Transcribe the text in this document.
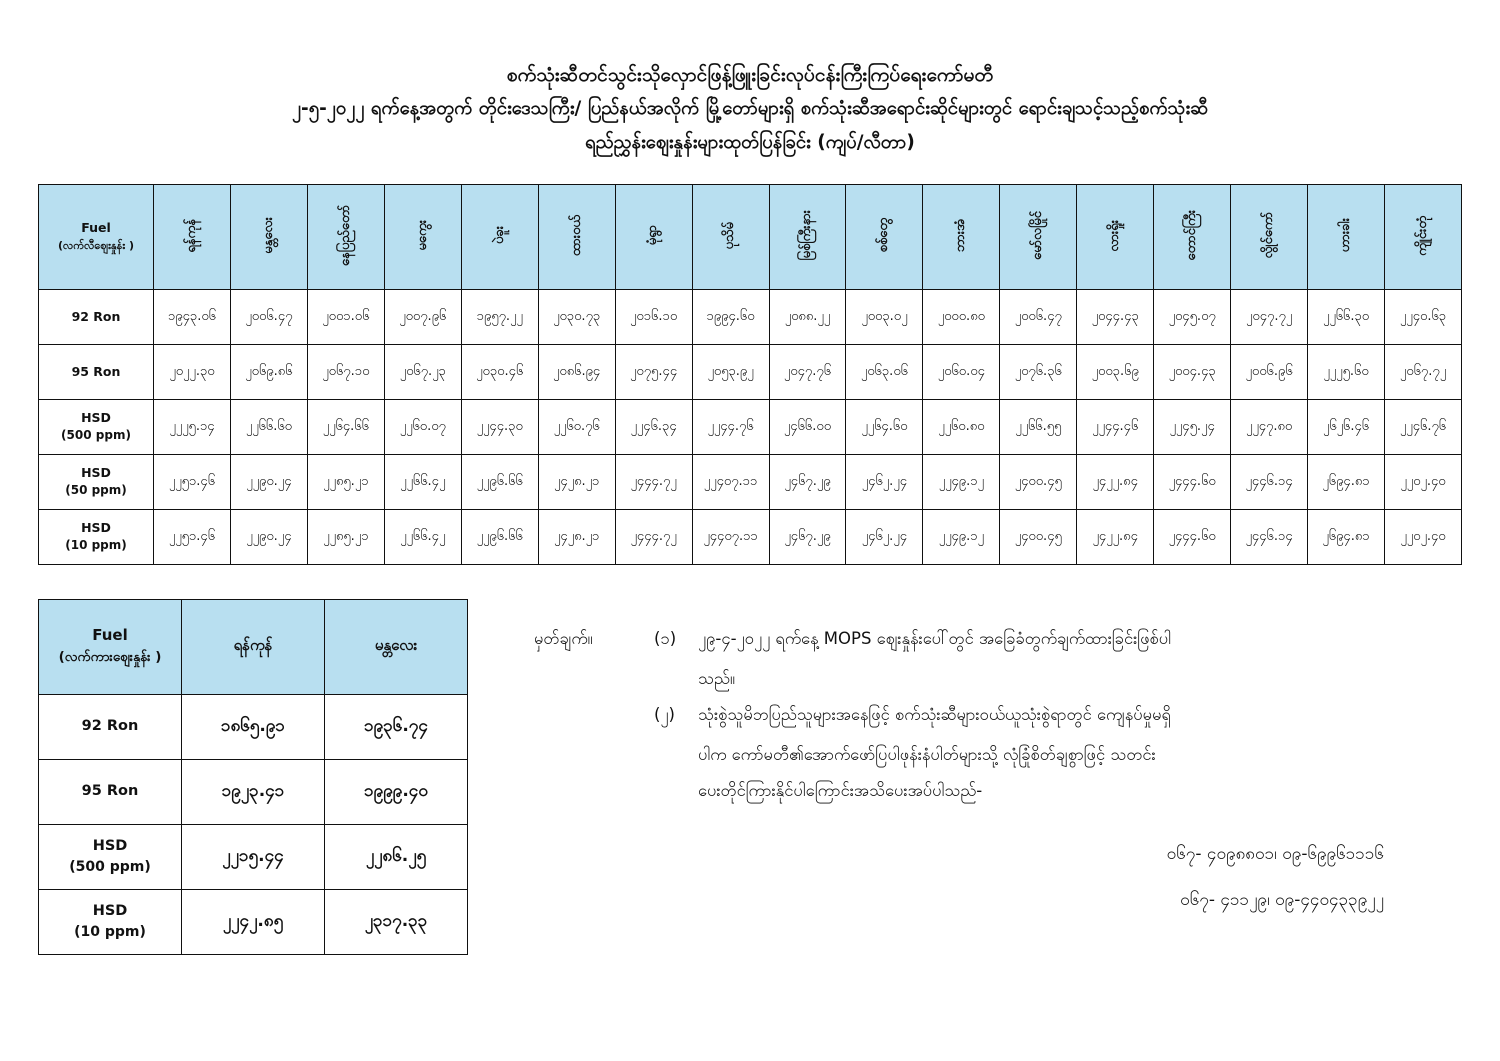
စက်သုံးဆီတင်သွင်းသိုလှောင်ဖြန့်ဖြူးခြင်းလုပ်ငန်းကြီးကြပ်ရေးကော်မတီ
၂-၅-၂၀၂၂ ရက်နေ့အတွက် တိုင်းဒေသကြီး/ ပြည်နယ်အလိုက် မြို့တော်များရှိ စက်သုံးဆီအရောင်းဆိုင်များတွင် ရောင်းချသင့်သည့်စက်သုံးဆီ
ရည်ညွှန်းဈေးနှုန်းများထုတ်ပြန်ခြင်း (ကျပ်/လီတာ)
Fuel
(လက်လီဈေးနှုန်း )	ရန်ကုန်	မန္တလေး	နေပြည်တော်	မကွေး	ပဲခူး	ထားဝယ်	မုံရွာ	ပုသိမ်	မြစ်ကြီးနား	စစ်တွေ	ဘားအံ	မော်လမြိုင်	လားရှိုး	တောင်ကြီး	လွိုင်ကော်	ဟားခါး	ကျိုင်းတုံ
92 Ron	၁၉၄၃.၀၆	၂၀၀၆.၄၇	၂၀၀၁.၀၆	၂၀၀၇.၉၆	၁၉၅၇.၂၂	၂၀၃၀.၇၃	၂၀၁၆.၁၀	၁၉၉၄.၆၀	၂၀၈၈.၂၂	၂၀၀၃.၀၂	၂၀၀၀.၈၀	၂၀၀၆.၄၇	၂၀၄၄.၄၃	၂၀၄၅.၀၇	၂၀၄၇.၇၂	၂၂၆၆.၃၀	၂၂၄၀.၆၃
95 Ron	၂၀၂၂.၃၀	၂၀၆၉.၈၆	၂၀၆၇.၁၀	၂၀၆၇.၂၃	၂၀၃၀.၄၆	၂၀၈၆.၉၄	၂၀၇၅.၄၄	၂၀၅၃.၉၂	၂၀၄၇.၇၆	၂၀၆၃.၀၆	၂၀၆၀.၀၄	၂၀၇၆.၃၆	၂၀၀၃.၆၉	၂၀၀၄.၄၃	၂၀၀၆.၉၆	၂၂၂၅.၆၀	၂၀၆၇.၇၂

HSD
(500 ppm)	၂၂၂၅.၁၄	၂၂၆၆.၆၀	၂၂၆၄.၆၆	၂၂၆၀.၀၇	၂၂၄၄.၃၀	၂၂၆၀.၇၆	၂၂၄၆.၃၄	၂၂၄၄.၇၆	၂၄၆၆.၀၀	၂၂၆၄.၆၀	၂၂၆၀.၈၀	၂၂၆၆.၅၅	၂၂၄၄.၄၆	၂၂၄၅.၂၄	၂၂၄၇.၈၀	၂၆၂၆.၄၆	၂၂၄၆.၇၆

HSD
(50 ppm)	၂၂၅၁.၄၆	၂၂၉၀.၂၄	၂၂၈၅.၂၁	၂၂၆၆.၄၂	၂၂၉၆.၆၆	၂၄၂၈.၂၁	၂၄၄၄.၇၂	၂၂၄၀၇.၁၁	၂၄၆၇.၂၉	၂၄၆၂.၂၄	၂၂၄၉.၁၂	၂၄၀၀.၄၅	၂၄၂၂.၈၄	၂၄၄၄.၆၀	၂၄၄၆.၁၄	၂၆၉၄.၈၁	၂၂၀၂.၄၀

HSD
(10 ppm)	၂၂၅၁.၄၆	၂၂၉၀.၂၄	၂၂၈၅.၂၁	၂၂၆၆.၄၂	၂၂၉၆.၆၆	၂၄၂၈.၂၁	၂၄၄၄.၇၂	၂၄၄၀၇.၁၁	၂၄၆၇.၂၉	၂၄၆၂.၂၄	၂၂၄၉.၁၂	၂၄၀၀.၄၅	၂၄၂၂.၈၄	၂၄၄၄.၆၀	၂၄၄၆.၁၄	၂၆၉၄.၈၁	၂၂၀၂.၄၀
Fuel
(လက်ကားဈေးနှုန်း )	ရန်ကုန်	မန္တလေး

92 Ron	၁၈၆၅.၉၁	၁၉၃၆.၇၄

95 Ron	၁၉၂၃.၄၁	၁၉၉၉.၄၀

HSD
(500 ppm)	၂၂၁၅.၄၄	၂၂၈၆.၂၅

HSD
(10 ppm)	၂၂၄၂.၈၅	၂၃၁၇.၃၃
မှတ်ချက်။	(၁)	၂၉-၄-၂၀၂၂ ရက်နေ့ MOPS ဈေးနှုန်းပေါ်တွင် အခြေခံတွက်ချက်ထားခြင်းဖြစ်ပါ
သည်။
(၂)	သုံးစွဲသူမိဘပြည်သူများအနေဖြင့် စက်သုံးဆီများဝယ်ယူသုံးစွဲရာတွင် ကျေနပ်မှုမရှိ
ပါက ကော်မတီ၏အောက်ဖော်ပြပါဖုန်းနံပါတ်များသို့ လုံခြုံစိတ်ချစွာဖြင့် သတင်း
ပေးတိုင်ကြားနိုင်ပါကြောင်းအသိပေးအပ်ပါသည်-
၀၆၇- ၄၀၉၈၈၀၁၊ ၀၉-၆၉၉၆၁၁၁၆
၀၆၇- ၄၁၁၂၉၊ ၀၉-၄၄၀၄၃၃၉၂၂
